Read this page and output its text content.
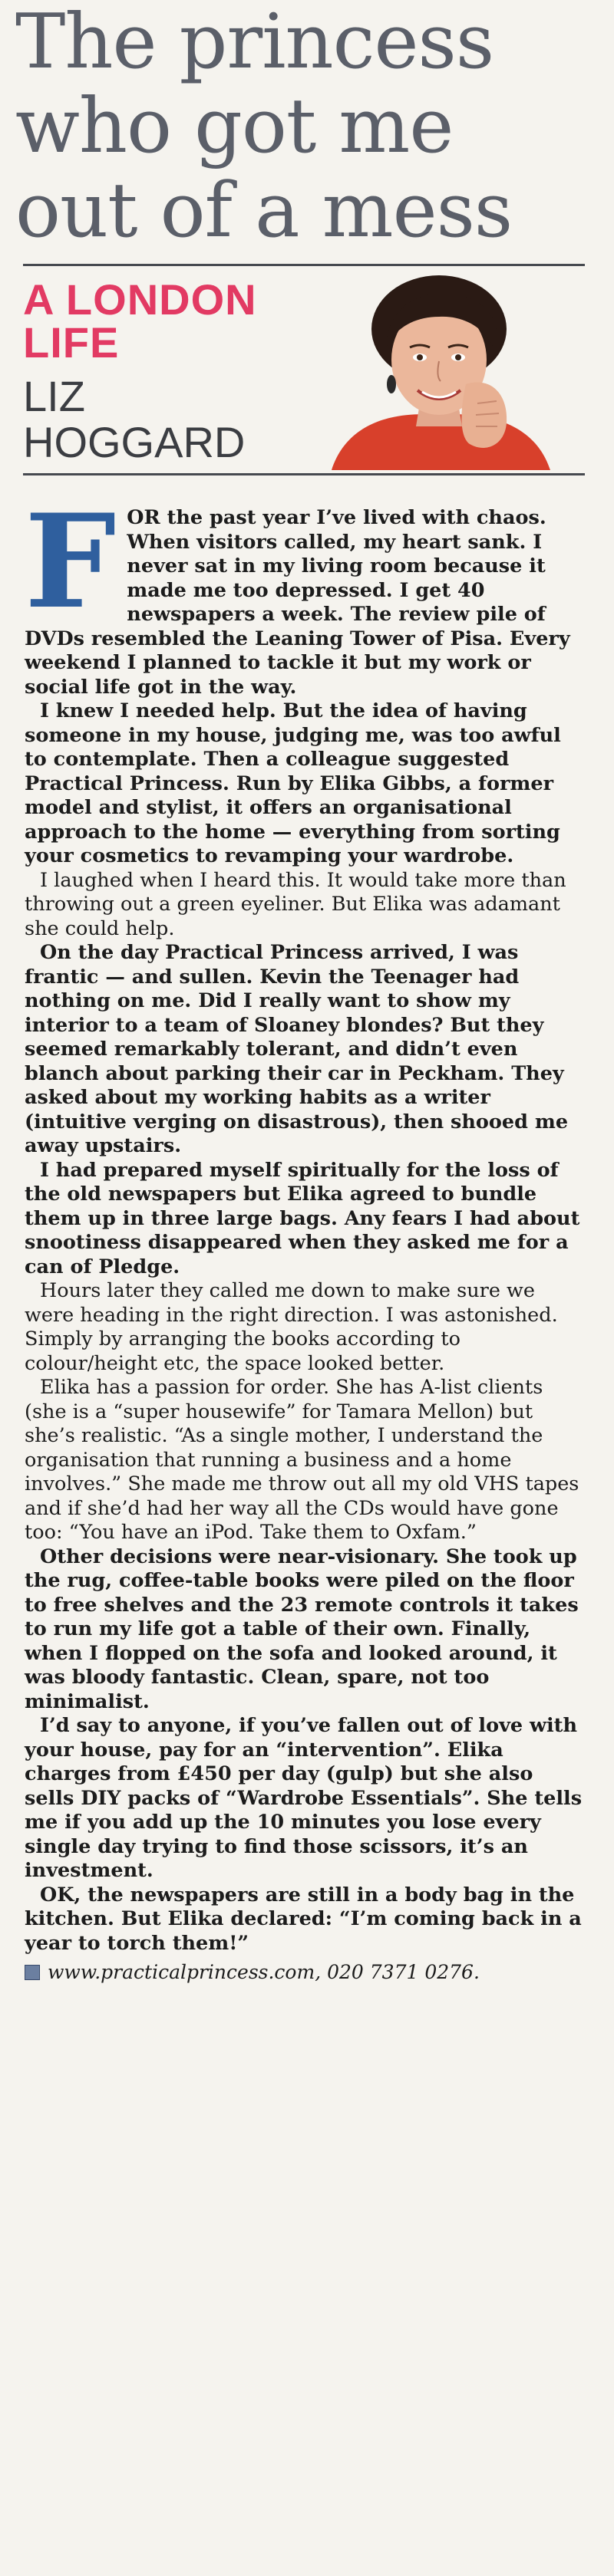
The princess
who got me
out of a mess
A LONDON
LIFE
LIZ
HOGGARD

FOR the past year I’ve lived with chaos. When visitors called, my heart sank. I never sat in my living room because it made me too depressed. I get 40 newspapers a week. The review pile of DVDs resembled the Leaning Tower of Pisa. Every weekend I planned to tackle it but my work or social life got in the way.

I knew I needed help. But the idea of having someone in my house, judging me, was too awful to contemplate. Then a colleague suggested Practical Princess. Run by Elika Gibbs, a former model and stylist, it offers an organisational approach to the home — everything from sorting your cosmetics to revamping your wardrobe.

I laughed when I heard this. It would take more than throwing out a green eyeliner. But Elika was adamant she could help.

On the day Practical Princess arrived, I was frantic — and sullen. Kevin the Teenager had nothing on me. Did I really want to show my interior to a team of Sloaney blondes? But they seemed remarkably tolerant, and didn’t even blanch about parking their car in Peckham. They asked about my working habits as a writer (intuitive verging on disastrous), then shooed me away upstairs.

I had prepared myself spiritually for the loss of the old newspapers but Elika agreed to bundle them up in three large bags. Any fears I had about snootiness disappeared when they asked me for a can of Pledge.

Hours later they called me down to make sure we were heading in the right direction. I was astonished. Simply by arranging the books according to colour/height etc, the space looked better.

Elika has a passion for order. She has A-list clients (she is a “super housewife” for Tamara Mellon) but she’s realistic. “As a single mother, I understand the organisation that running a business and a home involves.” She made me throw out all my old VHS tapes and if she’d had her way all the CDs would have gone too: “You have an iPod. Take them to Oxfam.”

Other decisions were near-visionary. She took up the rug, coffee-table books were piled on the floor to free shelves and the 23 remote controls it takes to run my life got a table of their own. Finally, when I flopped on the sofa and looked around, it was bloody fantastic. Clean, spare, not too minimalist.

I’d say to anyone, if you’ve fallen out of love with your house, pay for an “intervention”. Elika charges from £450 per day (gulp) but she also sells DIY packs of “Wardrobe Essentials”. She tells me if you add up the 10 minutes you lose every single day trying to find those scissors, it’s an investment.

OK, the newspapers are still in a body bag in the kitchen. But Elika declared: “I’m coming back in a year to torch them!”

www.practicalprincess.com, 020 7371 0276.
